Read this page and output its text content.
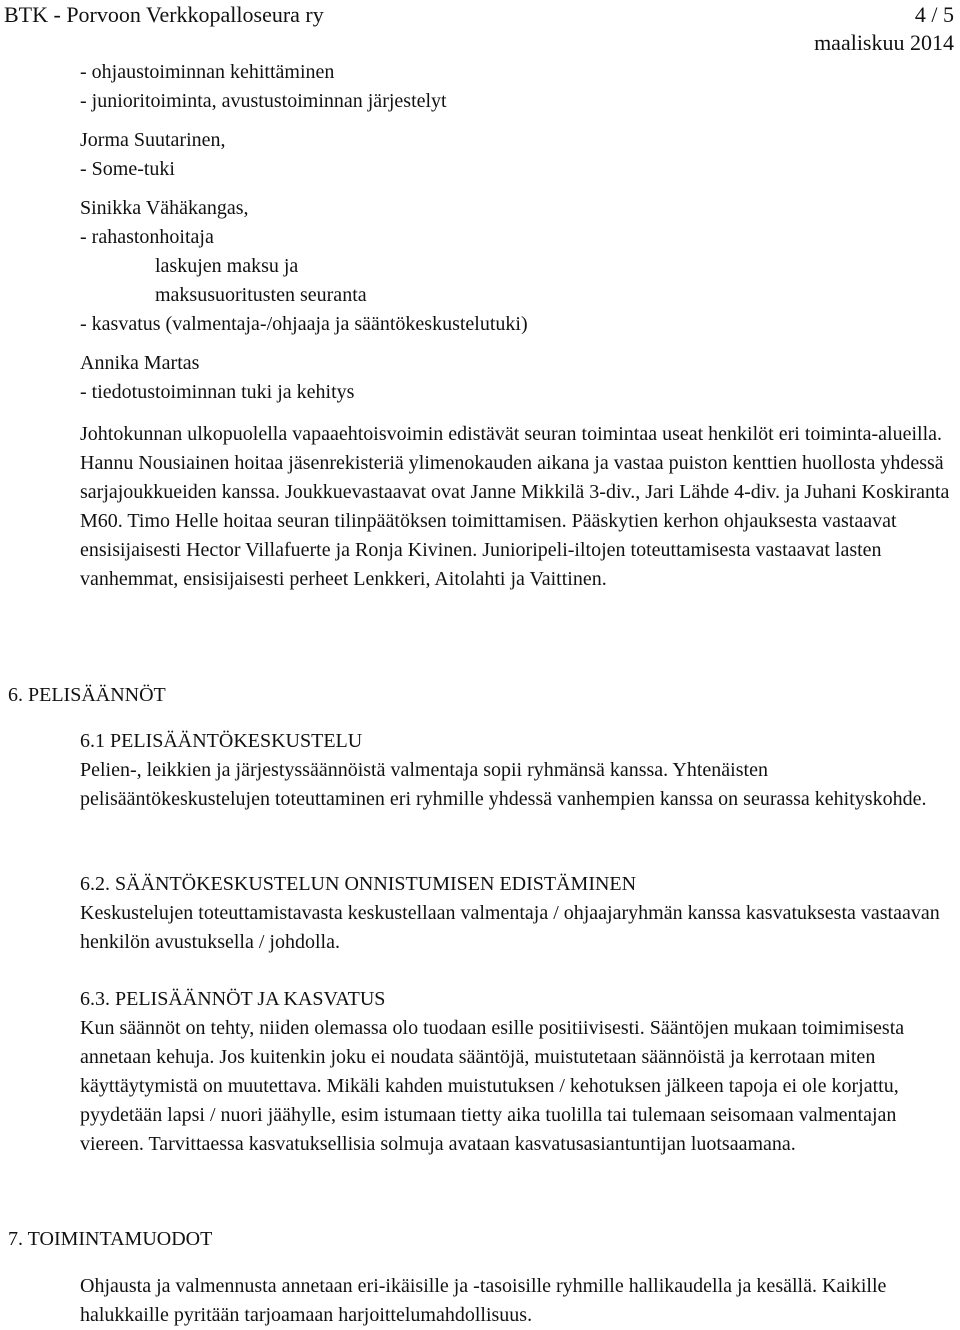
BTK - Porvoon Verkkopalloseura ry	4 / 5
maaliskuu 2014
- ohjaustoiminnan kehittäminen
- junioritoiminta, avustustoiminnan järjestelyt
Jorma Suutarinen,
- Some-tuki
Sinikka Vähäkangas,
- rahastonhoitaja
laskujen maksu ja
maksusuoritusten seuranta
- kasvatus (valmentaja-/ohjaaja ja sääntökeskustelutuki)
Annika Martas
- tiedotustoiminnan tuki ja kehitys

Johtokunnan ulkopuolella vapaaehtoisvoimin edistävät seuran toimintaa useat henkilöt eri toiminta-alueilla. Hannu Nousiainen hoitaa jäsenrekisteriä ylimenokauden aikana ja vastaa puiston kenttien huollosta yhdessä sarjajoukkueiden kanssa. Joukkuevastaavat ovat Janne Mikkilä 3-div., Jari Lähde 4-div. ja Juhani Koskiranta M60. Timo Helle hoitaa seuran tilinpäätöksen toimittamisen. Pääskytien kerhon ohjauksesta vastaavat ensisijaisesti Hector Villafuerte ja Ronja Kivinen. Junioripeli-iltojen toteuttamisesta vastaavat lasten vanhemmat, ensisijaisesti perheet Lenkkeri, Aitolahti ja Vaittinen.

6. PELISÄÄNNÖT

6.1 PELISÄÄNTÖKESKUSTELU

Pelien-, leikkien ja järjestyssäännöistä valmentaja sopii ryhmänsä kanssa. Yhtenäisten pelisääntökeskustelujen toteuttaminen eri ryhmille yhdessä vanhempien kanssa on seurassa kehityskohde.

6.2. SÄÄNTÖKESKUSTELUN ONNISTUMISEN EDISTÄMINEN

Keskustelujen toteuttamistavasta keskustellaan valmentaja / ohjaajaryhmän kanssa kasvatuksesta vastaavan henkilön avustuksella / johdolla.

6.3. PELISÄÄNNÖT JA KASVATUS

Kun säännöt on tehty, niiden olemassa olo tuodaan esille positiivisesti. Sääntöjen mukaan toimimisesta annetaan kehuja. Jos kuitenkin joku ei noudata sääntöjä, muistutetaan säännöistä ja kerrotaan miten käyttäytymistä on muutettava. Mikäli kahden muistutuksen / kehotuksen jälkeen tapoja ei ole korjattu, pyydetään lapsi / nuori jäähylle, esim istumaan tietty aika tuolilla tai tulemaan seisomaan valmentajan viereen. Tarvittaessa kasvatuksellisia solmuja avataan kasvatusasiantuntijan luotsaamana.

7. TOIMINTAMUODOT

Ohjausta ja valmennusta annetaan eri-ikäisille ja -tasoisille ryhmille hallikaudella ja kesällä. Kaikille halukkaille pyritään tarjoamaan harjoittelumahdollisuus.
